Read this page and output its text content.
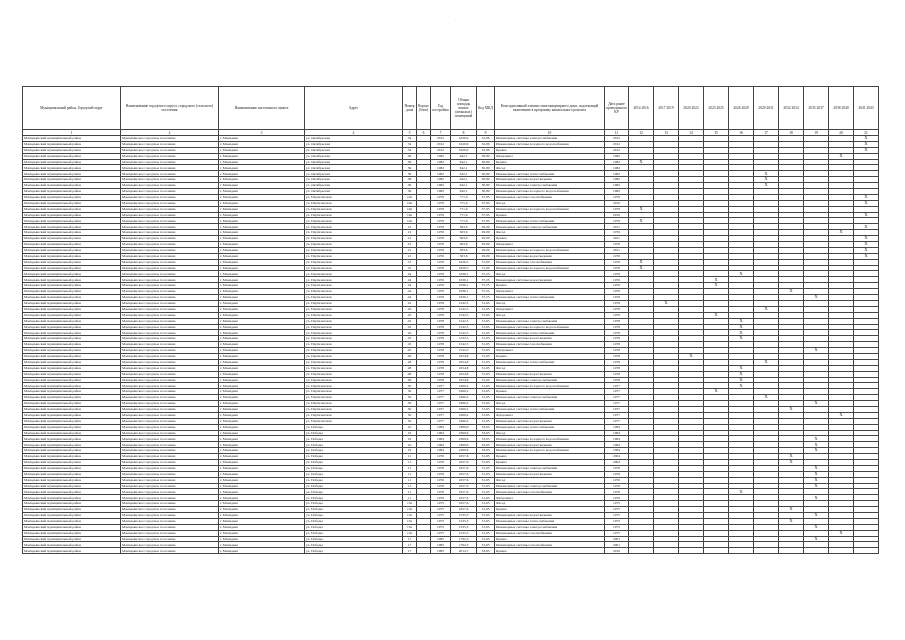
·
Муниципальный район, Городской округ	Наименование городского округа, городского (сельского) поселения	Наименование населенного пункта	Адрес	Номер дома	Корпус (блок)	Год постройки	Общая площадь жилых (нежилых) помещений	Код МКД	Конструктивный элемент многоквартирного дома, подлежащий включению в программу капитального ремонта	Дата ранее проведенного КР	2014 2016	2017 2019	2020 2022	2023 2025	2026 2028	2029 2031	2032 2034	2035 2037	2038 2040	2041 2043
1	2	3	4	5	6	7	8	9	10	11	12	13	14	15	16	17	18	19	20	21
Мамадышский муниципальный район	Мамадышское городское поселение	г. Мамадыш	ул. Октябрьская	34		2012	1620,9	32,86	Инженерные системы электроснабжения	2012										X
Мамадышский муниципальный район	Мамадышское городское поселение	г. Мамадыш	ул. Октябрьская	34		2012	1620,9	32,86	Инженерные системы холодного водоснабжения	2012										X
Мамадышский муниципальный район	Мамадышское городское поселение	г. Мамадыш	ул. Октябрьская	34		2012	1620,9	32,86	Крыша	2012										X
Мамадышский муниципальный район	Мамадышское городское поселение	г. Мамадыш	ул. Октябрьская	36		1982	642,1	30,80	Фундамент	1982									X	
Мамадышский муниципальный район	Мамадышское городское поселение	г. Мамадыш	ул. Октябрьская	36		1982	642,1	30,80	Крыша	1982	X									
Мамадышский муниципальный район	Мамадышское городское поселение	г. Мамадыш	ул. Октябрьская	36		1982	642,1	30,80	Фасад	1982										
Мамадышский муниципальный район	Мамадышское городское поселение	г. Мамадыш	ул. Октябрьская	36		1982	642,1	30,80	Инженерные системы теплоснабжения	1982						X				
Мамадышский муниципальный район	Мамадышское городское поселение	г. Мамадыш	ул. Октябрьская	36		1982	642,1	30,80	Инженерные системы водоотведения	1982						X				
Мамадышский муниципальный район	Мамадышское городское поселение	г. Мамадыш	ул. Октябрьская	36		1982	642,1	30,80	Инженерные системы электроснабжения	1982						X				
Мамадышский муниципальный район	Мамадышское городское поселение	г. Мамадыш	ул. Октябрьская	36		1982	642,1	30,80	Инженерные системы холодного водоснабжения	1982										
Мамадышский муниципальный район	Мамадышское городское поселение	г. Мамадыш	ул. Партизанская	19а		1979	771,6	37,93	Инженерные системы газоснабжения	1979										X
Мамадышский муниципальный район	Мамадышское городское поселение	г. Мамадыш	ул. Партизанская	19а		1979	771,6	37,93	Фасад	2010										X
Мамадышский муниципальный район	Мамадышское городское поселение	г. Мамадыш	ул. Партизанская	19а		1979	771,6	37,93	Инженерные системы холодного водоснабжения	1979	X									
Мамадышский муниципальный район	Мамадышское городское поселение	г. Мамадыш	ул. Партизанская	19а		1979	771,6	37,93	Крыша	2010										X
Мамадышский муниципальный район	Мамадышское городское поселение	г. Мамадыш	ул. Партизанская	19а		1979	771,6	37,93	Инженерные системы теплоснабжения	1979	X									
Мамадышский муниципальный район	Мамадышское городское поселение	г. Мамадыш	ул. Партизанская	21		1976	363,6	29,09	Инженерные системы электроснабжения	2011										X
Мамадышский муниципальный район	Мамадышское городское поселение	г. Мамадыш	ул. Партизанская	21		1976	363,6	29,09	Фасад	1976									X	
Мамадышский муниципальный район	Мамадышское городское поселение	г. Мамадыш	ул. Партизанская	21		1976	363,6	29,09	Крыша	2011										X
Мамадышский муниципальный район	Мамадышское городское поселение	г. Мамадыш	ул. Партизанская	21		1976	363,6	29,09	Фундамент	1976										X
Мамадышский муниципальный район	Мамадышское городское поселение	г. Мамадыш	ул. Партизанская	21		1976	363,6	29,09	Инженерные системы холодного водоснабжения	2011										X
Мамадышский муниципальный район	Мамадышское городское поселение	г. Мамадыш	ул. Партизанская	21		1976	363,6	29,09	Инженерные системы водоотведения	1976										X
Мамадышский муниципальный район	Мамадышское городское поселение	г. Мамадыш	ул. Партизанская	31		1976	1626,5	31,60	Инженерные системы газоснабжения	1976	X									
Мамадышский муниципальный район	Мамадышское городское поселение	г. Мамадыш	ул. Партизанская	31		1976	1626,5	31,60	Инженерные системы холодного водоснабжения	1976	X									
Мамадышский муниципальный район	Мамадышское городское поселение	г. Мамадыш	ул. Партизанская	44		1976	1636,1	37,25	Фасад	1976					X					
Мамадышский муниципальный район	Мамадышское городское поселение	г. Мамадыш	ул. Партизанская	44		1976	1636,1	37,25	Инженерные системы водоотведения	1976				X						
Мамадышский муниципальный район	Мамадышское городское поселение	г. Мамадыш	ул. Партизанская	44		1976	1636,1	37,25	Крыша	1976				X						
Мамадышский муниципальный район	Мамадышское городское поселение	г. Мамадыш	ул. Партизанская	44		1976	1636,1	37,25	Фундамент	1976							X			
Мамадышский муниципальный район	Мамадышское городское поселение	г. Мамадыш	ул. Партизанская	44		1976	1636,1	37,25	Инженерные системы теплоснабжения	1976								X		
Мамадышский муниципальный район	Мамадышское городское поселение	г. Мамадыш	ул. Партизанская	45		1978	1542,5	31,63	Фасад	1978		X								
Мамадышский муниципальный район	Мамадышское городское поселение	г. Мамадыш	ул. Партизанская	45		1978	1542,5	31,63	Фундамент	1978						X				
Мамадышский муниципальный район	Мамадышское городское поселение	г. Мамадыш	ул. Партизанская	45		1978	1542,5	31,63	Фасад	1978				X						
Мамадышский муниципальный район	Мамадышское городское поселение	г. Мамадыш	ул. Партизанская	45		1978	1542,5	31,63	Инженерные системы электроснабжения	1978					X					
Мамадышский муниципальный район	Мамадышское городское поселение	г. Мамадыш	ул. Партизанская	45		1978	1542,5	31,63	Инженерные системы холодного водоснабжения	1978					X					
Мамадышский муниципальный район	Мамадышское городское поселение	г. Мамадыш	ул. Партизанская	45		1978	1542,5	31,63	Инженерные системы теплоснабжения	1978					X					
Мамадышский муниципальный район	Мамадышское городское поселение	г. Мамадыш	ул. Партизанская	45		1978	1542,5	31,63	Инженерные системы водоотведения	1978					X					
Мамадышский муниципальный район	Мамадышское городское поселение	г. Мамадыш	ул. Партизанская	45		1978	1542,5	31,63	Инженерные системы газоснабжения	1978										
Мамадышский муниципальный район	Мамадышское городское поселение	г. Мамадыш	ул. Партизанская	45		1978	1542,5	31,63	Фундамент	1978								X		
Мамадышский муниципальный район	Мамадышское городское поселение	г. Мамадыш	ул. Партизанская	48		1978	1654,8	31,63	Крыша	1978			X							
Мамадышский муниципальный район	Мамадышское городское поселение	г. Мамадыш	ул. Партизанская	48		1978	1654,8	31,63	Инженерные системы теплоснабжения	1978						X				
Мамадышский муниципальный район	Мамадышское городское поселение	г. Мамадыш	ул. Партизанская	48		1978	1654,8	31,63	Фасад	1978					X					
Мамадышский муниципальный район	Мамадышское городское поселение	г. Мамадыш	ул. Партизанская	48		1978	1654,8	31,63	Инженерные системы водоотведения	1978					X					
Мамадышский муниципальный район	Мамадышское городское поселение	г. Мамадыш	ул. Партизанская	48		1978	1654,8	31,63	Инженерные системы электроснабжения	1978					X					
Мамадышский муниципальный район	Мамадышское городское поселение	г. Мамадыш	ул. Партизанская	50		1977	1660,2	31,63	Инженерные системы холодного водоснабжения	1977					X					
Мамадышский муниципальный район	Мамадышское городское поселение	г. Мамадыш	ул. Партизанская	50		1977	1660,2	31,63	Крыша	1977				X						
Мамадышский муниципальный район	Мамадышское городское поселение	г. Мамадыш	ул. Партизанская	50		1977	1660,2	31,63	Инженерные системы электроснабжения	1977						X				
Мамадышский муниципальный район	Мамадышское городское поселение	г. Мамадыш	ул. Партизанская	50		1977	1660,2	31,63	Фасад	1977								X		
Мамадышский муниципальный район	Мамадышское городское поселение	г. Мамадыш	ул. Партизанская	50		1977	1660,2	31,63	Инженерные системы теплоснабжения	1977							X			
Мамадышский муниципальный район	Мамадышское городское поселение	г. Мамадыш	ул. Партизанская	50		1977	1660,2	31,63	Фундамент	1977									X	
Мамадышский муниципальный район	Мамадышское городское поселение	г. Мамадыш	ул. Партизанская	50		1977	1660,2	31,63	Инженерные системы водоотведения	1977										
Мамадышский муниципальный район	Мамадышское городское поселение	г. Мамадыш	ул. Победы	10		1984	2369,6	33,63	Инженерные системы теплоснабжения	1984										
Мамадышский муниципальный район	Мамадышское городское поселение	г. Мамадыш	ул. Победы	10		1984	2369,6	33,63	Фасад	1984										
Мамадышский муниципальный район	Мамадышское городское поселение	г. Мамадыш	ул. Победы	10		1984	2369,6	33,63	Инженерные системы холодного водоснабжения	1984								X		
Мамадышский муниципальный район	Мамадышское городское поселение	г. Мамадыш	ул. Победы	10		1984	2369,6	33,63	Инженерные системы водоотведения	1984								X		
Мамадышский муниципальный район	Мамадышское городское поселение	г. Мамадыш	ул. Победы	10		1984	2369,6	33,63	Инженерные системы холодного водоснабжения	1984								X		
Мамадышский муниципальный район	Мамадышское городское поселение	г. Мамадыш	ул. Победы	11		1976	1657,6	31,63	Крыша	2004							X			
Мамадышский муниципальный район	Мамадышское городское поселение	г. Мамадыш	ул. Победы	11		1976	1657,6	31,63	Крыша	2004							X			
Мамадышский муниципальный район	Мамадышское городское поселение	г. Мамадыш	ул. Победы	11		1976	1657,6	31,63	Инженерные системы электроснабжения	1976								X		
Мамадышский муниципальный район	Мамадышское городское поселение	г. Мамадыш	ул. Победы	11		1976	1657,6	31,63	Инженерные системы водоотведения	1976								X		
Мамадышский муниципальный район	Мамадышское городское поселение	г. Мамадыш	ул. Победы	11		1976	1657,6	31,63	Фасад	1976								X		
Мамадышский муниципальный район	Мамадышское городское поселение	г. Мамадыш	ул. Победы	11		1976	1657,6	31,63	Инженерные системы электроснабжения	1976								X		
Мамадышский муниципальный район	Мамадышское городское поселение	г. Мамадыш	ул. Победы	11		1976	1657,6	31,63	Инженерные системы газоснабжения	1976					X					
Мамадышский муниципальный район	Мамадышское городское поселение	г. Мамадыш	ул. Победы	11		1976	1657,6	31,63	Фундамент	1976								X		
Мамадышский муниципальный район	Мамадышское городское поселение	г. Мамадыш	ул. Победы	13а		1975	1657,6	31,63	Фасад	1975										
Мамадышский муниципальный район	Мамадышское городское поселение	г. Мамадыш	ул. Победы	13а		1975	1657,6	31,63	Крыша	1975							X			
Мамадышский муниципальный район	Мамадышское городское поселение	г. Мамадыш	ул. Победы	13а		1975	1535,3	31,63	Инженерные системы водоотведения	1975								X		
Мамадышский муниципальный район	Мамадышское городское поселение	г. Мамадыш	ул. Победы	13а		1975	1535,3	31,63	Инженерные системы теплоснабжения	1975							X			
Мамадышский муниципальный район	Мамадышское городское поселение	г. Мамадыш	ул. Победы	13а		1975	1535,3	31,63	Инженерные системы электроснабжения	1975								X		
Мамадышский муниципальный район	Мамадышское городское поселение	г. Мамадыш	ул. Победы	13а		1975	1535,3	31,63	Инженерные системы газоснабжения	1975									X	
Мамадышский муниципальный район	Мамадышское городское поселение	г. Мамадыш	ул. Победы	17		1985	1792,3	31,63	Крыша	2001								X		
Мамадышский муниципальный район	Мамадышское городское поселение	г. Мамадыш	ул. Победы	17		1985	1792,3	31,63	Инженерные системы газоснабжения	2001										
Мамадышский муниципальный район	Мамадышское городское поселение	г. Мамадыш	ул. Победы	17		1985	2014,7	33,63	Крыша	2010										
